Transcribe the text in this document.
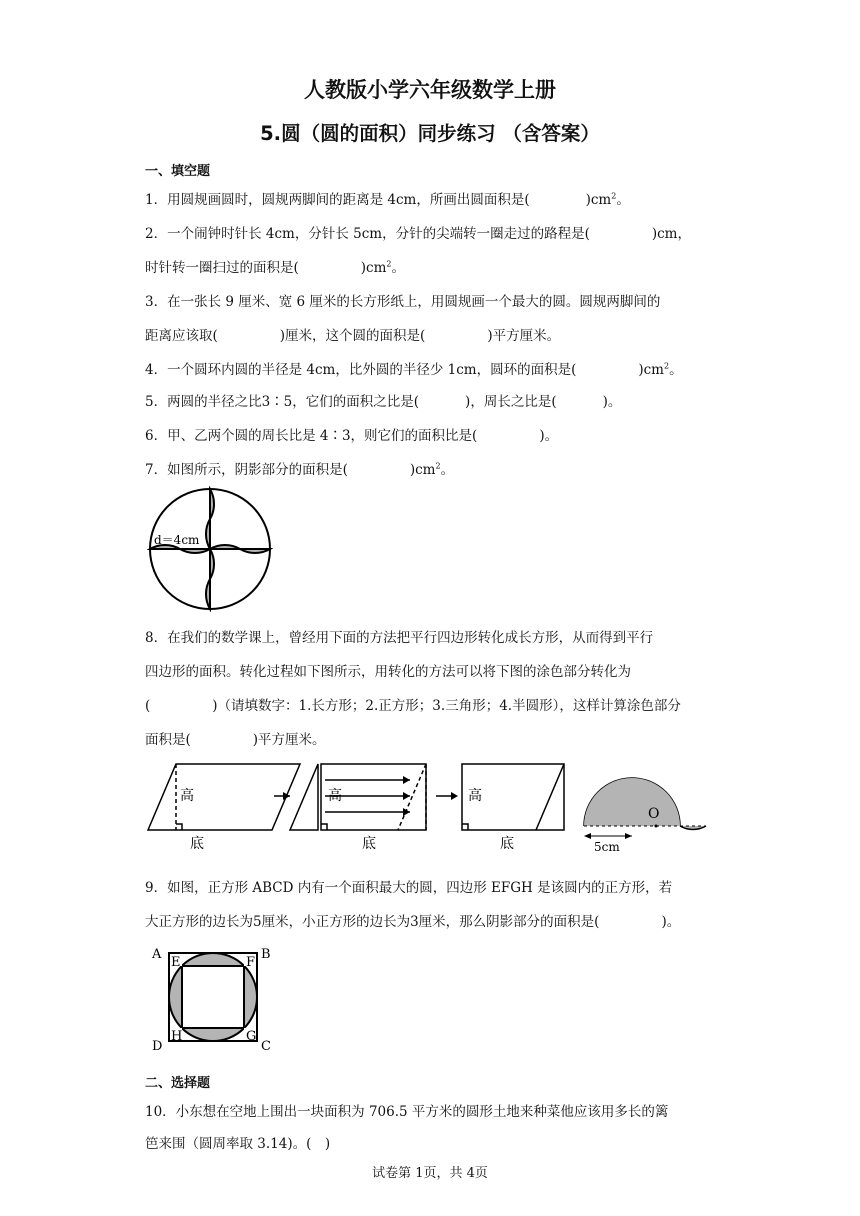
人教版小学六年级数学上册
5.圆（圆的面积）同步练习 （含答案）
一、填空题
1．用圆规画圆时，圆规两脚间的距离是 4cm，所画出圆面积是(	)$cm^2$。
2．一个闹钟时针长 4cm，分针长 5cm，分针的尖端转一圈走过的路程是(	)cm，
时针转一圈扫过的面积是(	)$cm^2$。
3．在一张长 9 厘米、宽 6 厘米的长方形纸上，用圆规画一个最大的圆。圆规两脚间的
距离应该取(	)厘米，这个圆的面积是(	)平方厘米。
4．一个圆环内圆的半径是 4cm，比外圆的半径少 1cm，圆环的面积是(	)$cm^2$。
5．两圆的半径之比3∶5，它们的面积之比是(	)，周长之比是(	)。
6．甲、乙两个圆的周长比是 4∶3，则它们的面积比是(	)。
7．如图所示，阴影部分的面积是(	)$cm^2$。
d＝4cm
8．在我们的数学课上，曾经用下面的方法把平行四边形转化成长方形，从而得到平行
四边形的面积。转化过程如下图所示，用转化的方法可以将下图的涂色部分转化为
(	)（请填数字：1.长方形；2.正方形；3.三角形；4.半圆形），这样计算涂色部分
面积是(	)平方厘米。
高
底
高
底
高
底
O
5cm
9．如图，正方形 ABCD 内有一个面积最大的圆，四边形 EFGH 是该圆内的正方形，若
大正方形的边长为5厘米，小正方形的边长为3厘米，那么阴影部分的面积是(	)。
A	B
C
D
E	F
G
H
二、选择题
10．小东想在空地上围出一块面积为 706.5 平方米的圆形土地来种菜他应该用多长的篱
笆来围（圆周率取 3.14)。(　)
试卷第 1页，共 4页
